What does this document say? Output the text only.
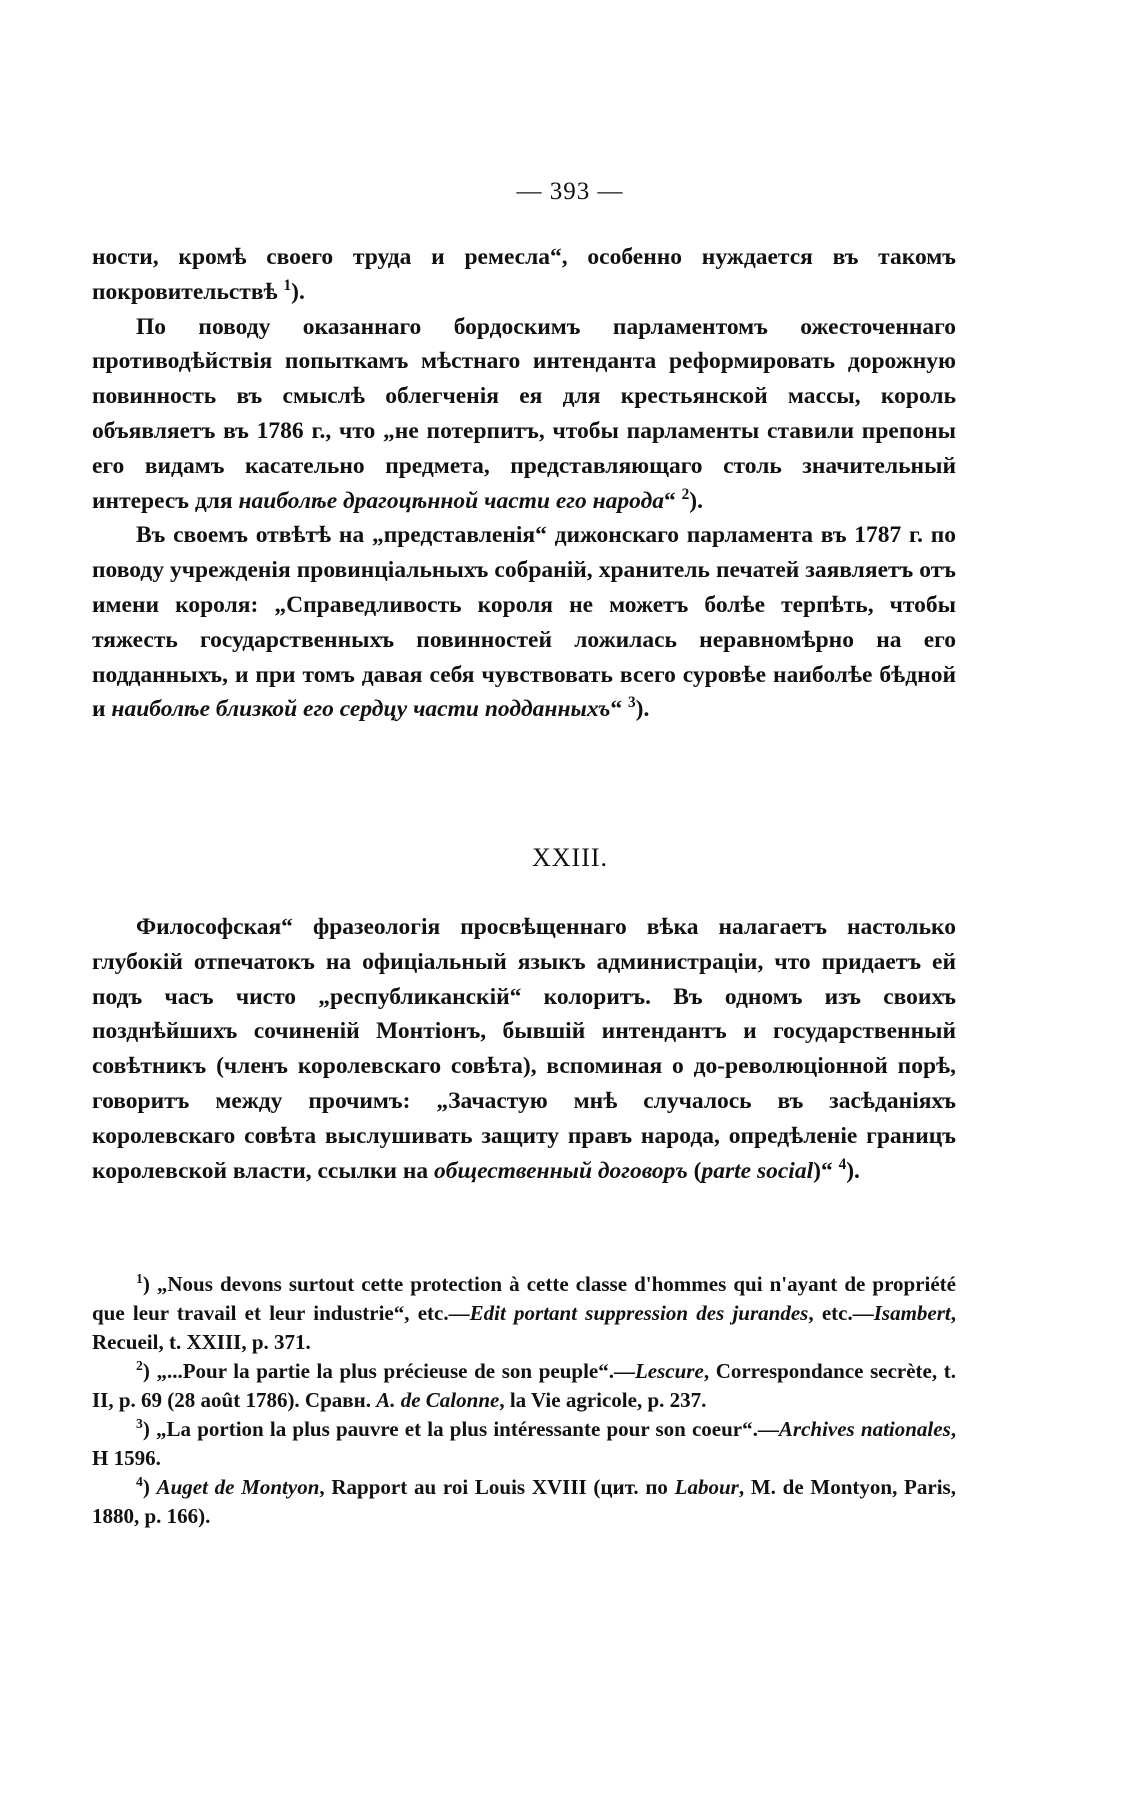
— 393 —

ности, кромѣ своего труда и ремесла“, особенно нуждается въ такомъ покровительствѣ $^1$).

По поводу оказаннаго бордоскимъ парламентомъ ожесточеннаго противодѣйствія попыткамъ мѣстнаго интенданта реформировать дорожную повинность въ смыслѣ облегченія ея для крестьянской массы, король объявляетъ въ 1786 г., что „не потерпитъ, чтобы парламенты ставили препоны его видамъ касательно предмета, представляющаго столь значительный интересъ для наиболѣе драгоцѣнной части его народа“ $^2$).

Въ своемъ отвѣтѣ на „представленія“ дижонскаго парламента въ 1787 г. по поводу учрежденія провинціальныхъ собраній, хранитель печатей заявляетъ отъ имени короля: „Справедливость короля не можетъ болѣе терпѣть, чтобы тяжесть государственныхъ повинностей ложилась неравномѣрно на его подданныхъ, и при томъ давая себя чувствовать всего суровѣе наиболѣе бѣдной и наиболѣе близкой его сердцу части подданныхъ“ $^3$).

XXIII.

Философская“ фразеологія просвѣщеннаго вѣка налагаетъ настолько глубокій отпечатокъ на офиціальный языкъ администраціи, что придаетъ ей подъ часъ чисто „республиканскій“ колоритъ. Въ одномъ изъ своихъ позднѣйшихъ сочиненій Монтіонъ, бывшій интендантъ и государственный совѣтникъ (членъ королевскаго совѣта), вспоминая о до-революціонной порѣ, говоритъ между прочимъ: „Зачастую мнѣ случалось въ засѣданіяхъ королевскаго совѣта выслушивать защиту правъ народа, опредѣленіе границъ королевской власти, ссылки на общественный договоръ (parte social)“ $^4$).

$^1$) „Nous devons surtout cette protection à cette classe d'hommes qui n'ayant de propriété que leur travail et leur industrie“, etc.—Edit portant suppression des jurandes, etc.—Isambert, Recueil, t. XXIII, p. 371.

$^2$) „...Pour la partie la plus précieuse de son peuple“.—Lescure, Correspondance secrète, t. II, p. 69 (28 août 1786). Сравн. A. de Calonne, la Vie agricole, p. 237.

$^3$) „La portion la plus pauvre et la plus intéressante pour son coeur“.—Archives nationales, H 1596.

$^4$) Auget de Montyon, Rapport au roi Louis XVIII (цит. по Labour, M. de Montyon, Paris, 1880, p. 166).
